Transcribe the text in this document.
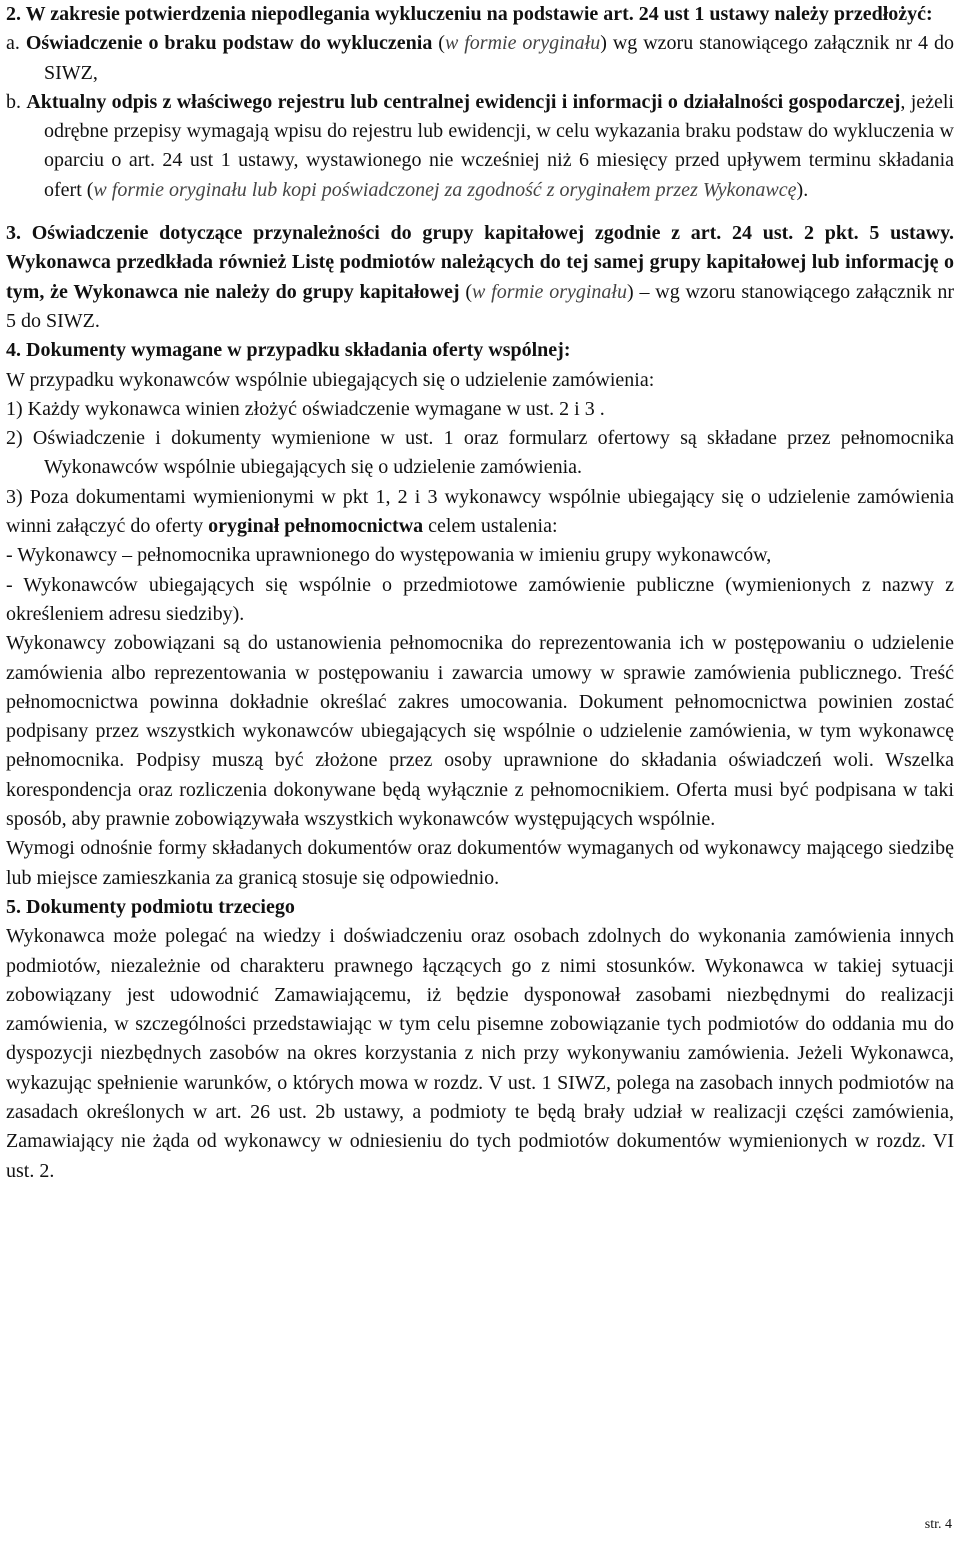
2. W zakresie potwierdzenia niepodlegania wykluczeniu na podstawie art. 24 ust 1 ustawy należy przedłożyć:

a. Oświadczenie o braku podstaw do wykluczenia (w formie oryginału) wg wzoru stanowiącego załącznik nr 4 do SIWZ,

b. Aktualny odpis z właściwego rejestru lub centralnej ewidencji i informacji o działalności gospodarczej, jeżeli odrębne przepisy wymagają wpisu do rejestru lub ewidencji, w celu wykazania braku podstaw do wykluczenia w oparciu o art. 24 ust 1 ustawy, wystawionego nie wcześniej niż 6 miesięcy przed upływem terminu składania ofert (w formie oryginału lub kopi poświadczonej za zgodność z oryginałem przez Wykonawcę).

3. Oświadczenie dotyczące przynależności do grupy kapitałowej zgodnie z art. 24 ust. 2 pkt. 5 ustawy. Wykonawca przedkłada również Listę podmiotów należących do tej samej grupy kapitałowej lub informację o tym, że Wykonawca nie należy do grupy kapitałowej (w formie oryginału) – wg wzoru stanowiącego załącznik nr 5 do SIWZ.

4. Dokumenty wymagane w przypadku składania oferty wspólnej:

W przypadku wykonawców wspólnie ubiegających się o udzielenie zamówienia:

1) Każdy wykonawca winien złożyć oświadczenie wymagane w ust. 2 i 3 .

2) Oświadczenie i dokumenty wymienione w ust. 1 oraz formularz ofertowy są składane przez pełnomocnika Wykonawców wspólnie ubiegających się o udzielenie zamówienia.

3) Poza dokumentami wymienionymi w pkt 1, 2 i 3 wykonawcy wspólnie ubiegający się o udzielenie zamówienia winni załączyć do oferty oryginał pełnomocnictwa celem ustalenia:

- Wykonawcy – pełnomocnika uprawnionego do występowania w imieniu grupy wykonawców,

- Wykonawców ubiegających się wspólnie o przedmiotowe zamówienie publiczne (wymienionych z nazwy z określeniem adresu siedziby).

Wykonawcy zobowiązani są do ustanowienia pełnomocnika do reprezentowania ich w postępowaniu o udzielenie zamówienia albo reprezentowania w postępowaniu i zawarcia umowy w sprawie zamówienia publicznego. Treść pełnomocnictwa powinna dokładnie określać zakres umocowania. Dokument pełnomocnictwa powinien zostać podpisany przez wszystkich wykonawców ubiegających się wspólnie o udzielenie zamówienia, w tym wykonawcę pełnomocnika. Podpisy muszą być złożone przez osoby uprawnione do składania oświadczeń woli. Wszelka korespondencja oraz rozliczenia dokonywane będą wyłącznie z pełnomocnikiem. Oferta musi być podpisana w taki sposób, aby prawnie zobowiązywała wszystkich wykonawców występujących wspólnie.

Wymogi odnośnie formy składanych dokumentów oraz dokumentów wymaganych od wykonawcy mającego siedzibę lub miejsce zamieszkania za granicą stosuje się odpowiednio.

5. Dokumenty podmiotu trzeciego

Wykonawca może polegać na wiedzy i doświadczeniu oraz osobach zdolnych do wykonania zamówienia innych podmiotów, niezależnie od charakteru prawnego łączących go z nimi stosunków. Wykonawca w takiej sytuacji zobowiązany jest udowodnić Zamawiającemu, iż będzie dysponował zasobami niezbędnymi do realizacji zamówienia, w szczególności przedstawiając w tym celu pisemne zobowiązanie tych podmiotów do oddania mu do dyspozycji niezbędnych zasobów na okres korzystania z nich przy wykonywaniu zamówienia. Jeżeli Wykonawca, wykazując spełnienie warunków, o których mowa w rozdz. V ust. 1 SIWZ, polega na zasobach innych podmiotów na zasadach określonych w art. 26 ust. 2b ustawy, a podmioty te będą brały udział w realizacji części zamówienia, Zamawiający nie żąda od wykonawcy w odniesieniu do tych podmiotów dokumentów wymienionych w rozdz. VI ust. 2.

str. 4
